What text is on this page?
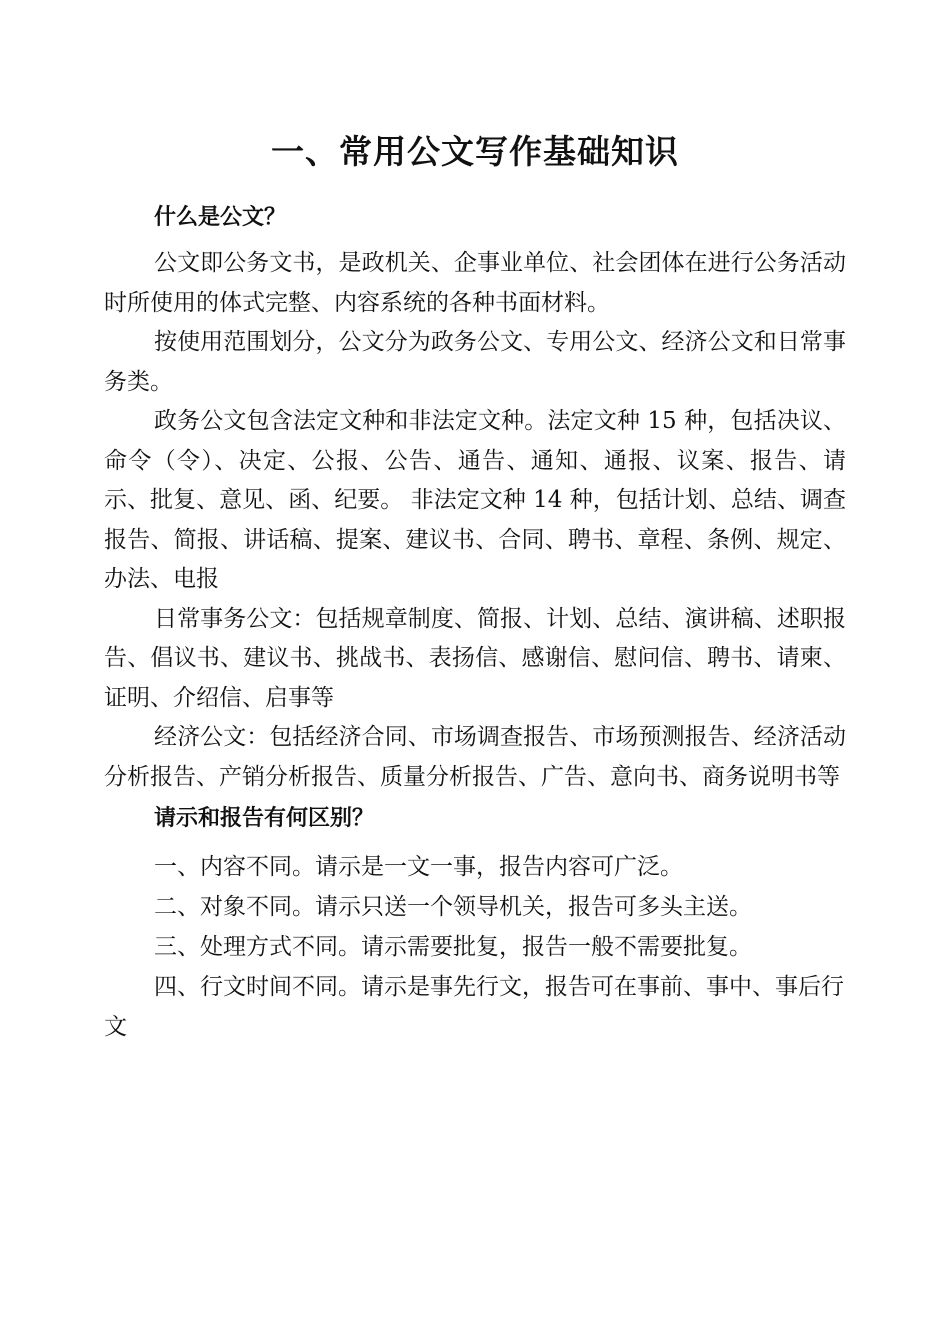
一、常用公文写作基础知识
什么是公文？

公文即公务文书，是政机关、企事业单位、社会团体在进行公务活动时所使用的体式完整、内容系统的各种书面材料。

按使用范围划分，公文分为政务公文、专用公文、经济公文和日常事务类。

政务公文包含法定文种和非法定文种。法定文种 15 种，包括决议、命令（令）、决定、公报、公告、通告、通知、通报、议案、报告、请示、批复、意见、函、纪要。 非法定文种 14 种，包括计划、总结、调查报告、简报、讲话稿、提案、建议书、合同、聘书、章程、条例、规定、办法、电报

日常事务公文：包括规章制度、简报、计划、总结、演讲稿、述职报告、倡议书、建议书、挑战书、表扬信、感谢信、慰问信、聘书、请柬、证明、介绍信、启事等

经济公文：包括经济合同、市场调查报告、市场预测报告、经济活动分析报告、产销分析报告、质量分析报告、广告、意向书、商务说明书等

请示和报告有何区别？

一、内容不同。请示是一文一事，报告内容可广泛。

二、对象不同。请示只送一个领导机关，报告可多头主送。

三、处理方式不同。请示需要批复，报告一般不需要批复。

四、行文时间不同。请示是事先行文，报告可在事前、事中、事后行文
